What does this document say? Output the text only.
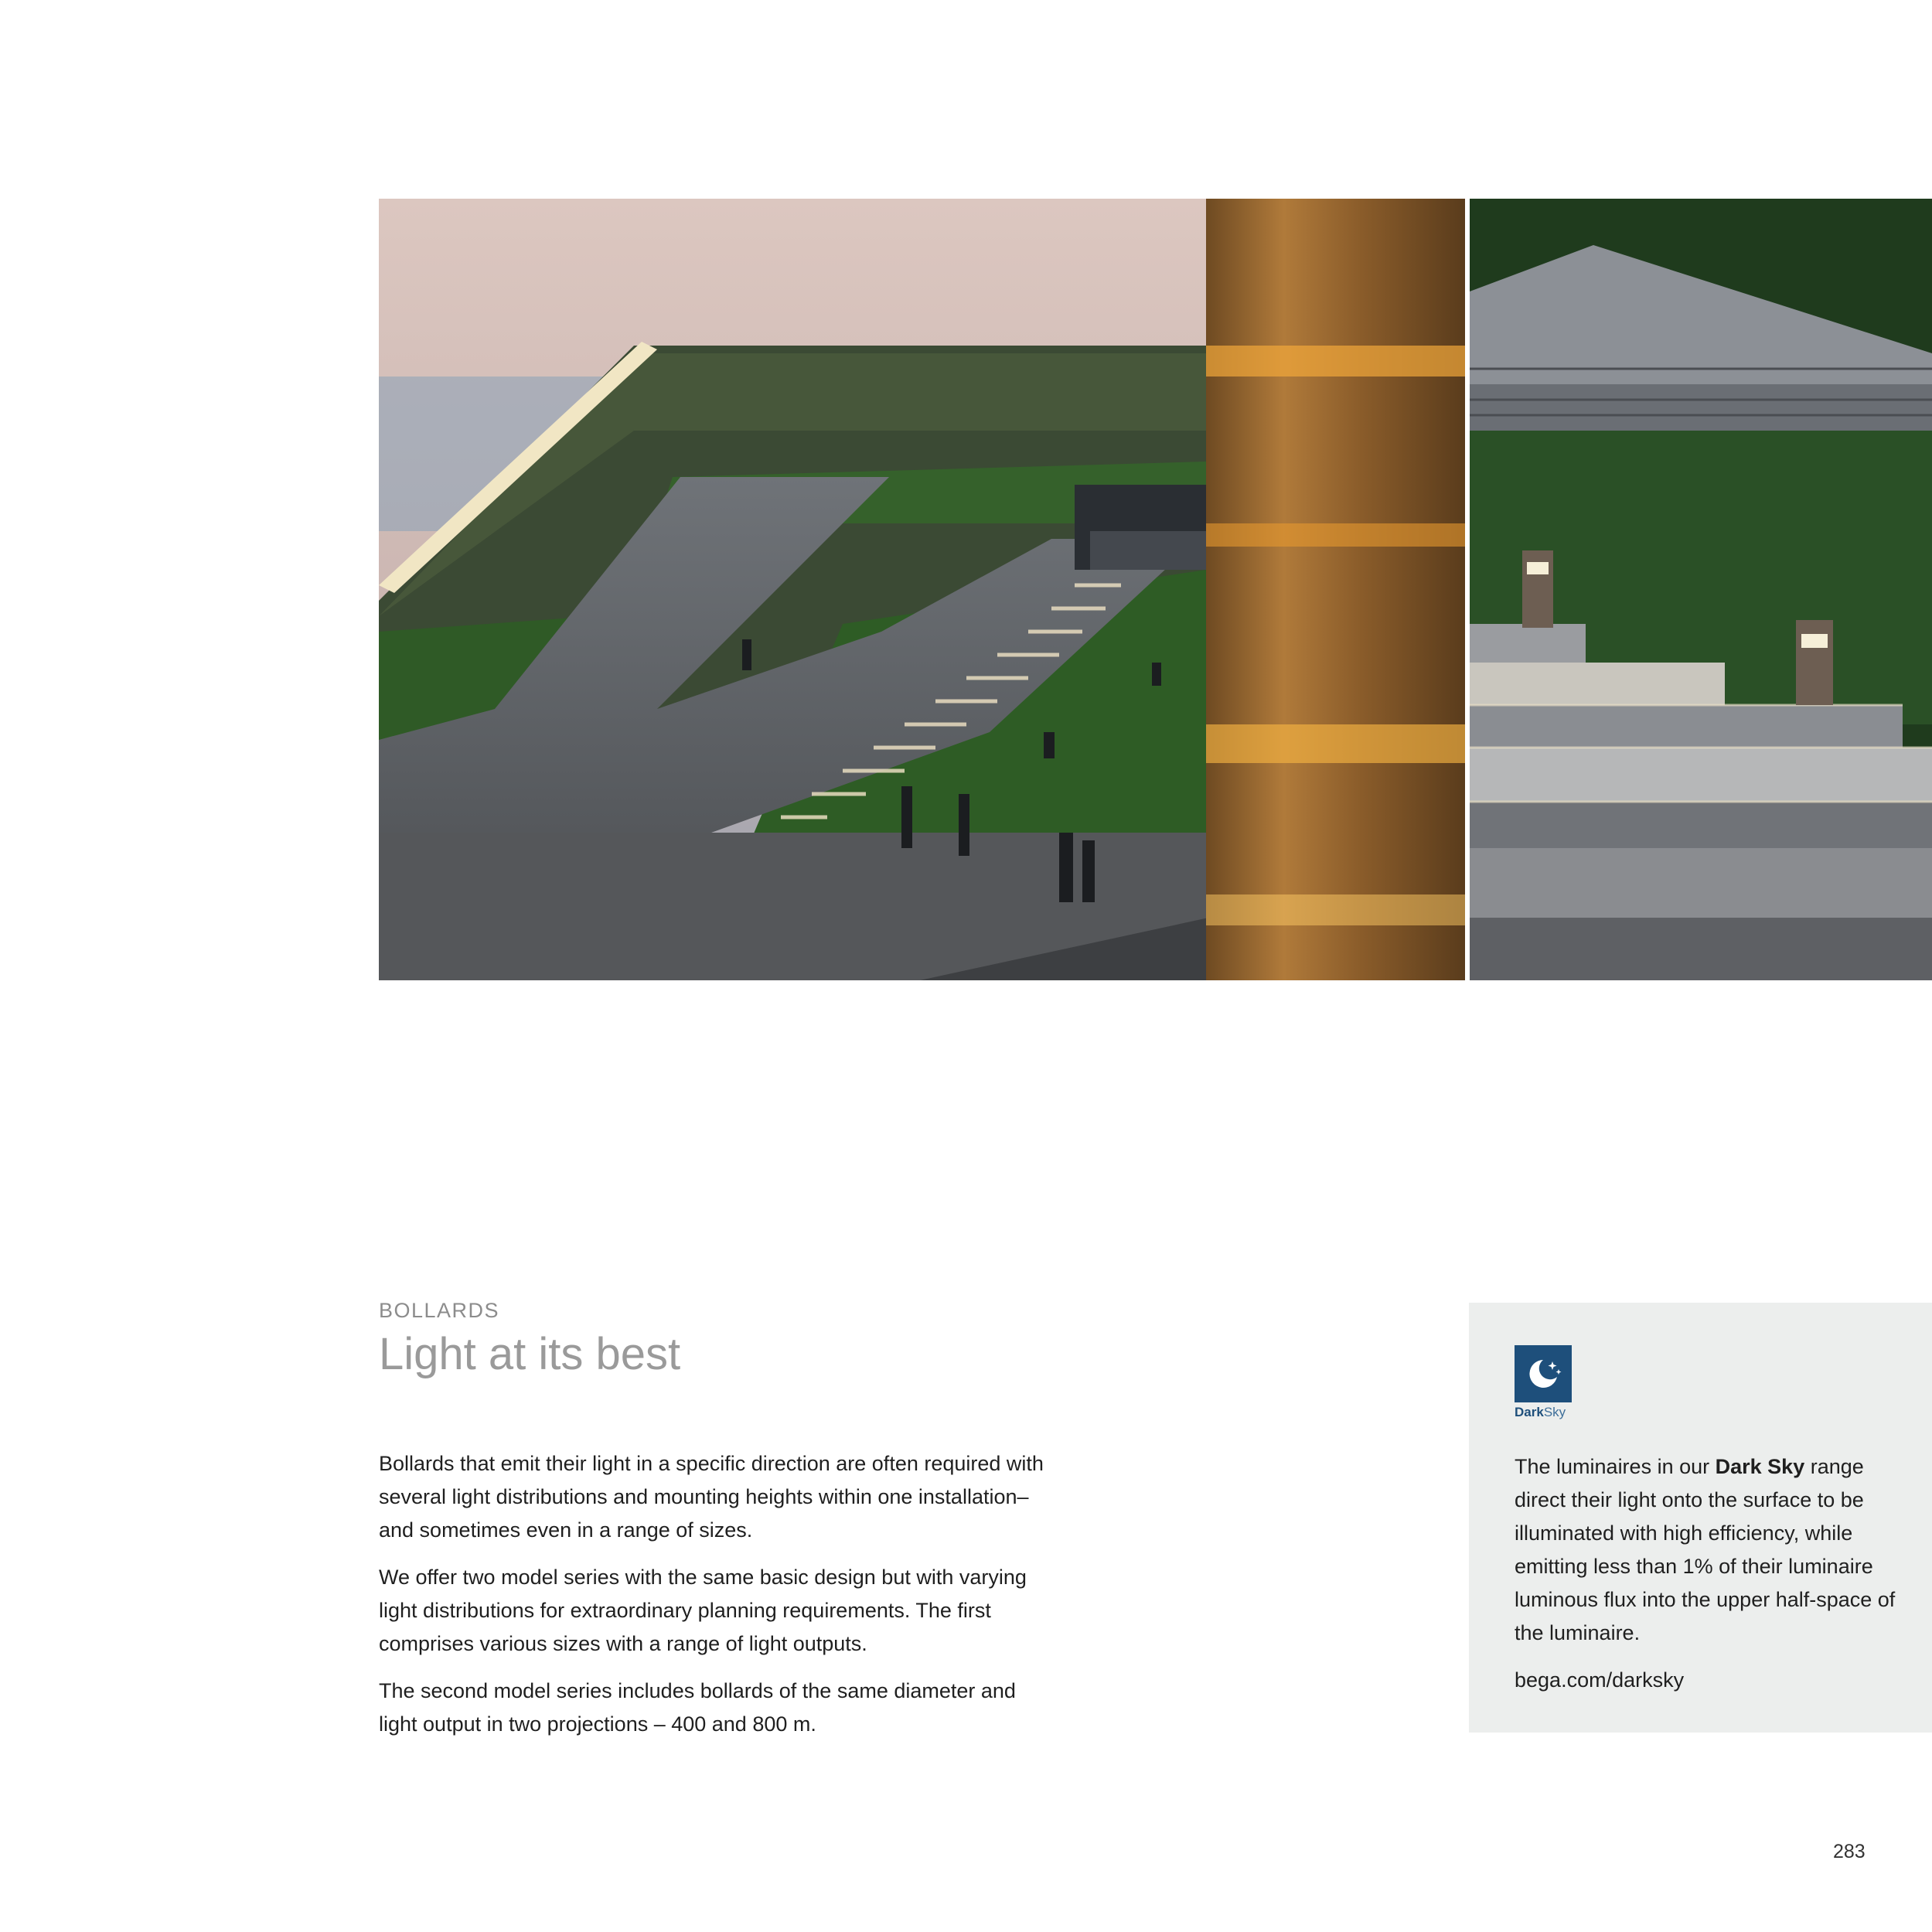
BOLLARDS
Light at its best

Bollards that emit their light in a specific direction are often required with several light distributions and mounting heights within one installation– and sometimes even in a range of sizes.

We offer two model series with the same basic design but with varying light distributions for extraordinary planning requirements. The first comprises various sizes with a range of light outputs.

The second model series includes bollards of the same diameter and light output in two projections – 400 and 800 m.

DarkSky

The luminaires in our Dark Sky range direct their light onto the surface to be illuminated with high efficiency, while emitting less than 1% of their luminaire luminous flux into the upper half-space of the luminaire.

bega.com/darksky

283
